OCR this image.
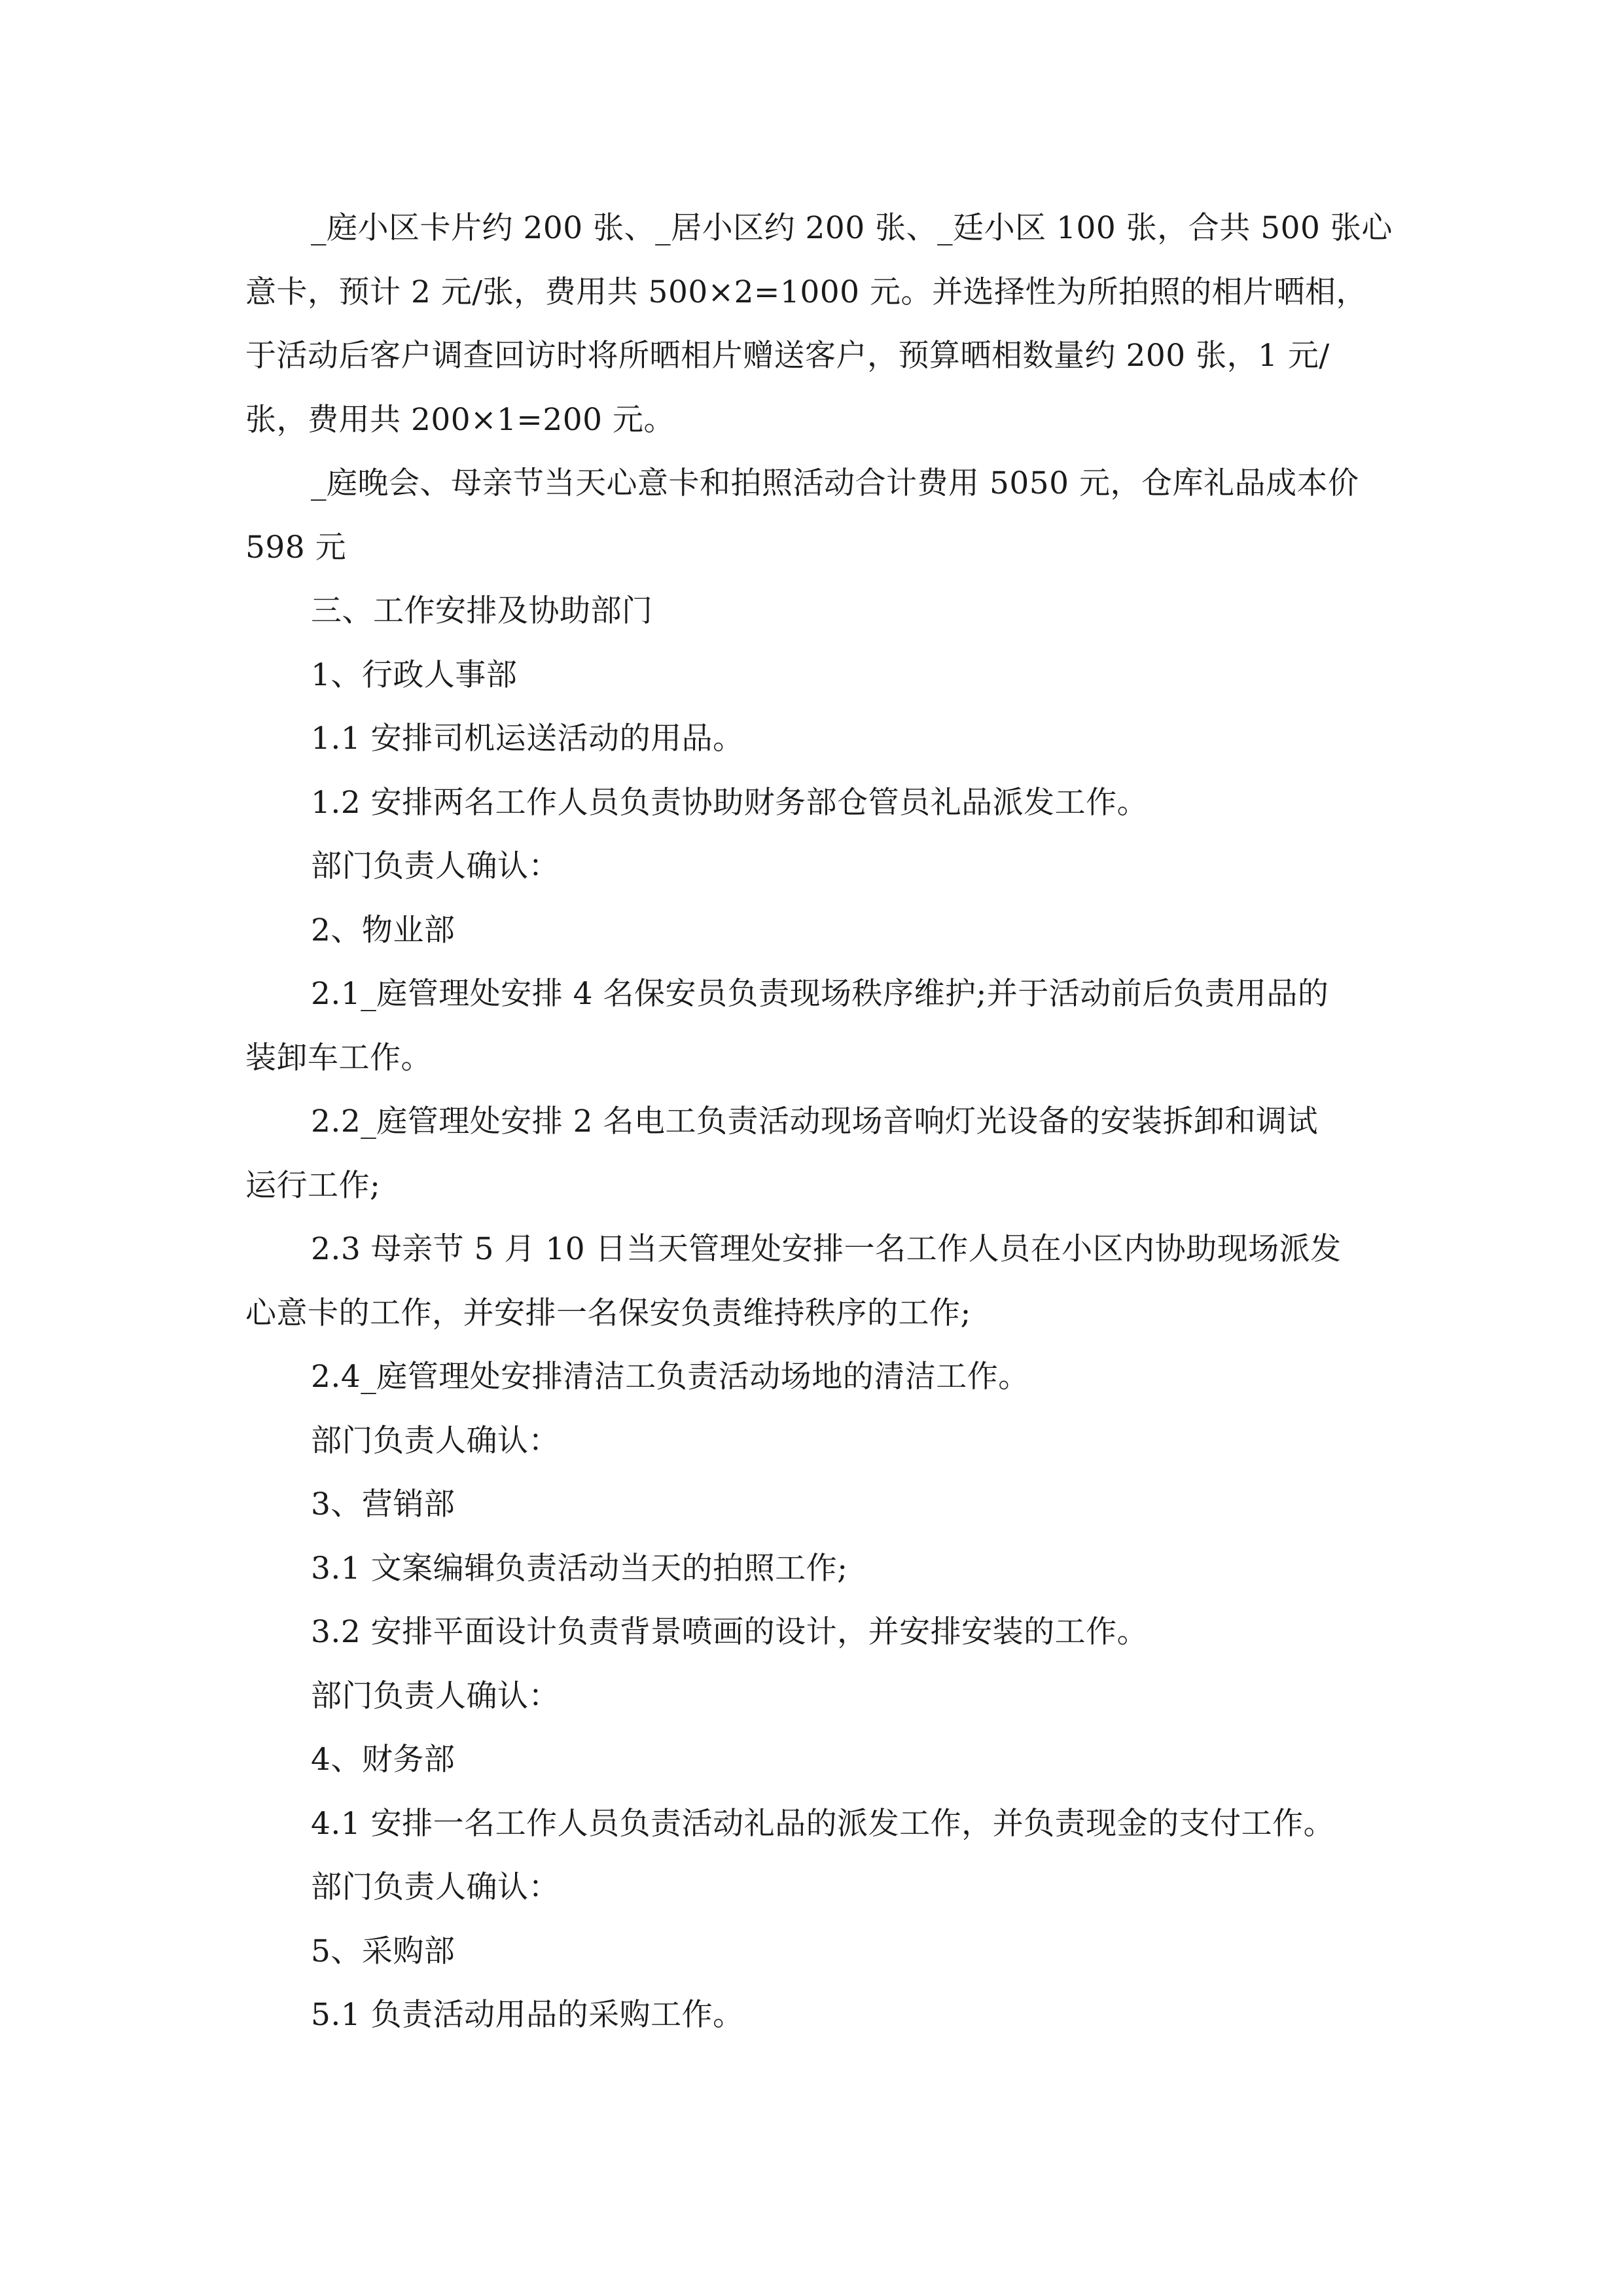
_庭小区卡片约 200 张、_居小区约 200 张、_廷小区 100 张，合共 500 张心

意卡，预计 2 元/张，费用共 500×2=1000 元。并选择性为所拍照的相片晒相，

于活动后客户调查回访时将所晒相片赠送客户，预算晒相数量约 200 张，1 元/

张，费用共 200×1=200 元。

_庭晚会、母亲节当天心意卡和拍照活动合计费用 5050 元，仓库礼品成本价

598 元

三、工作安排及协助部门

1、行政人事部

1.1 安排司机运送活动的用品。

1.2 安排两名工作人员负责协助财务部仓管员礼品派发工作。

部门负责人确认：

2、物业部

2.1_庭管理处安排 4 名保安员负责现场秩序维护;并于活动前后负责用品的

装卸车工作。

2.2_庭管理处安排 2 名电工负责活动现场音响灯光设备的安装拆卸和调试

运行工作;

2.3 母亲节 5 月 10 日当天管理处安排一名工作人员在小区内协助现场派发

心意卡的工作，并安排一名保安负责维持秩序的工作;

2.4_庭管理处安排清洁工负责活动场地的清洁工作。

部门负责人确认：

3、营销部

3.1 文案编辑负责活动当天的拍照工作;

3.2 安排平面设计负责背景喷画的设计，并安排安装的工作。

部门负责人确认：

4、财务部

4.1 安排一名工作人员负责活动礼品的派发工作，并负责现金的支付工作。

部门负责人确认：

5、采购部

5.1 负责活动用品的采购工作。
